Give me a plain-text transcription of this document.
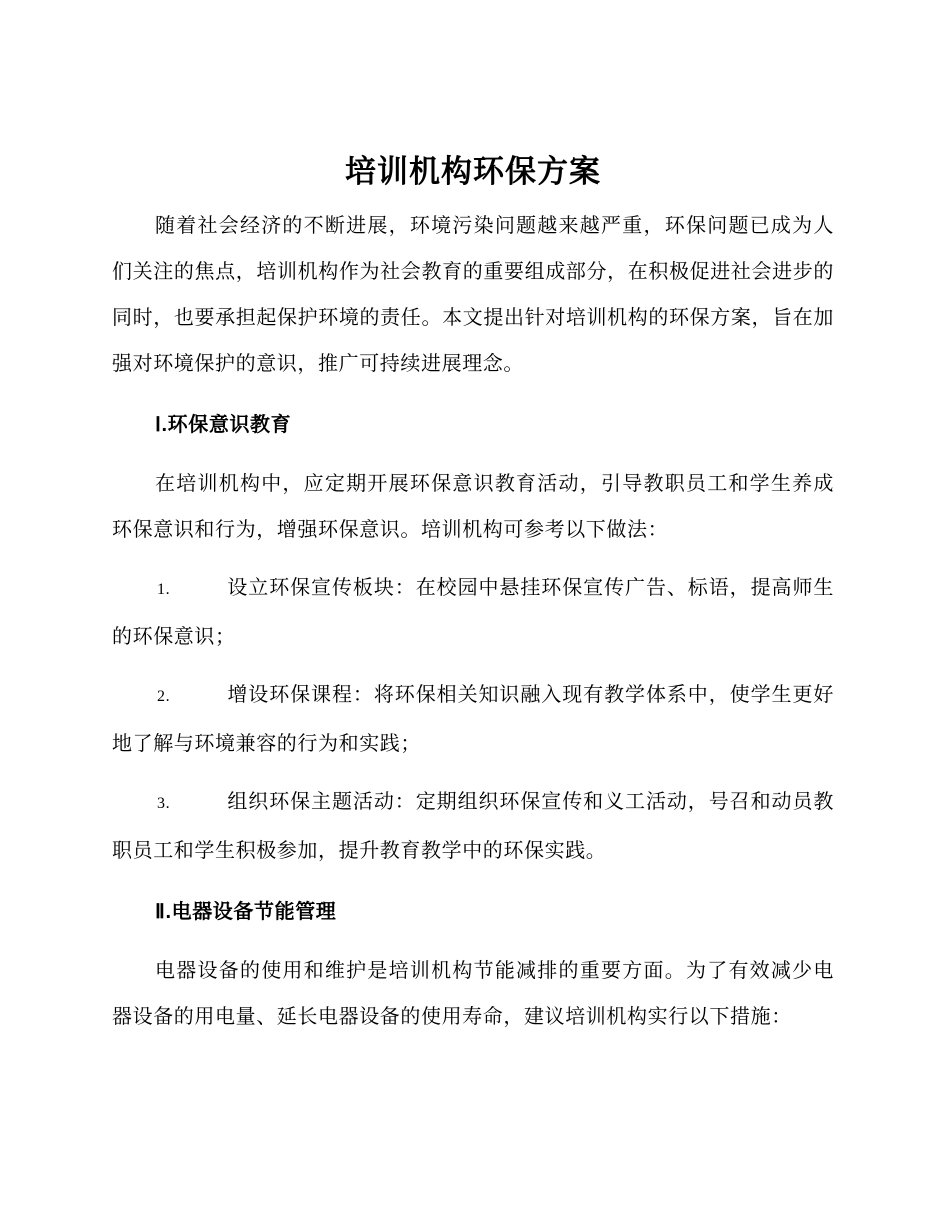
培训机构环保方案

随着社会经济的不断进展，环境污染问题越来越严重，环保问题已成为人们关注的焦点，培训机构作为社会教育的重要组成部分，在积极促进社会进步的同时，也要承担起保护环境的责任。本文提出针对培训机构的环保方案，旨在加强对环境保护的意识，推广可持续进展理念。

Ⅰ.环保意识教育

在培训机构中，应定期开展环保意识教育活动，引导教职员工和学生养成环保意识和行为，增强环保意识。培训机构可参考以下做法：

1.	设立环保宣传板块：在校园中悬挂环保宣传广告、标语，提高师生的环保意识；

2.	增设环保课程：将环保相关知识融入现有教学体系中，使学生更好地了解与环境兼容的行为和实践；

3.	组织环保主题活动：定期组织环保宣传和义工活动，号召和动员教职员工和学生积极参加，提升教育教学中的环保实践。

Ⅱ.电器设备节能管理

电器设备的使用和维护是培训机构节能减排的重要方面。为了有效减少电器设备的用电量、延长电器设备的使用寿命，建议培训机构实行以下措施：
